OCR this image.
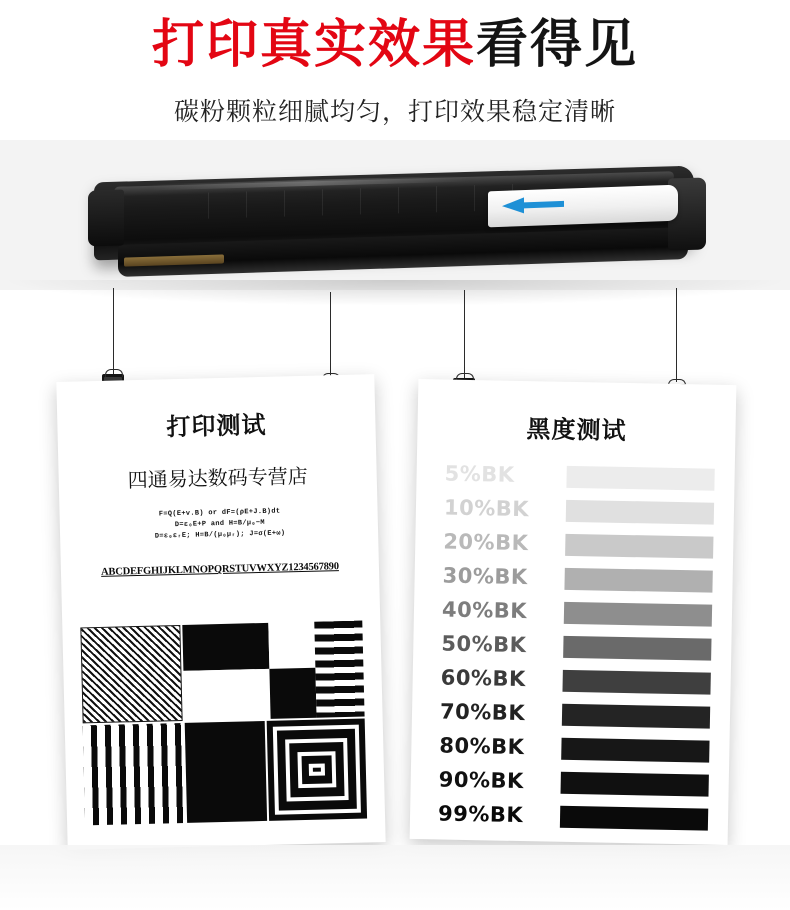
打印真实效果看得见
碳粉颗粒细腻均匀，打印效果稳定清晰
打印测试
四通易达数码专营店
F=Q(E+v.B) or dF=(ρE+J.B)dt
D=ε₀E+P and H=B/μ₀−M
D=ε₀εᵣE; H=B/(μ₀μᵣ); J=σ(E+ω)
ABCDEFGHIJKLMNOPQRSTUVWXYZ1234567890
黑度测试
5%BK
10%BK
20%BK
30%BK
40%BK
50%BK
60%BK
70%BK
80%BK
90%BK
99%BK
